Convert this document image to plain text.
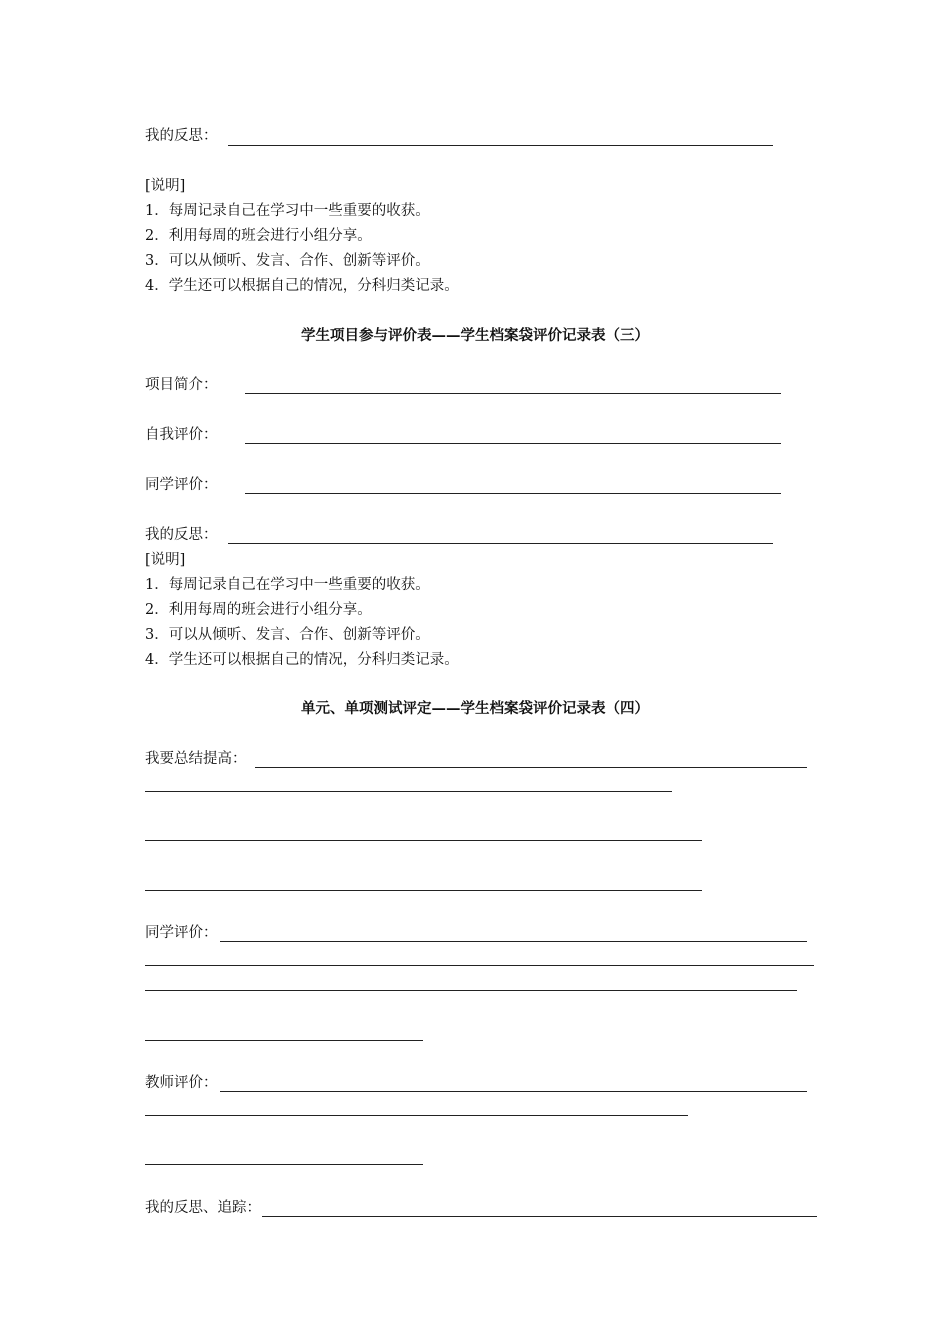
我的反思：
[说明]
1．每周记录自己在学习中一些重要的收获。
2．利用每周的班会进行小组分享。
3．可以从倾听、发言、合作、创新等评价。
4．学生还可以根据自己的情况，分科归类记录。
学生项目参与评价表——学生档案袋评价记录表（三）
项目简介：
自我评价：
同学评价：
我的反思：
[说明]
1．每周记录自己在学习中一些重要的收获。
2．利用每周的班会进行小组分享。
3．可以从倾听、发言、合作、创新等评价。
4．学生还可以根据自己的情况，分科归类记录。
单元、单项测试评定——学生档案袋评价记录表（四）
我要总结提高：
同学评价：
教师评价：
我的反思、追踪：
